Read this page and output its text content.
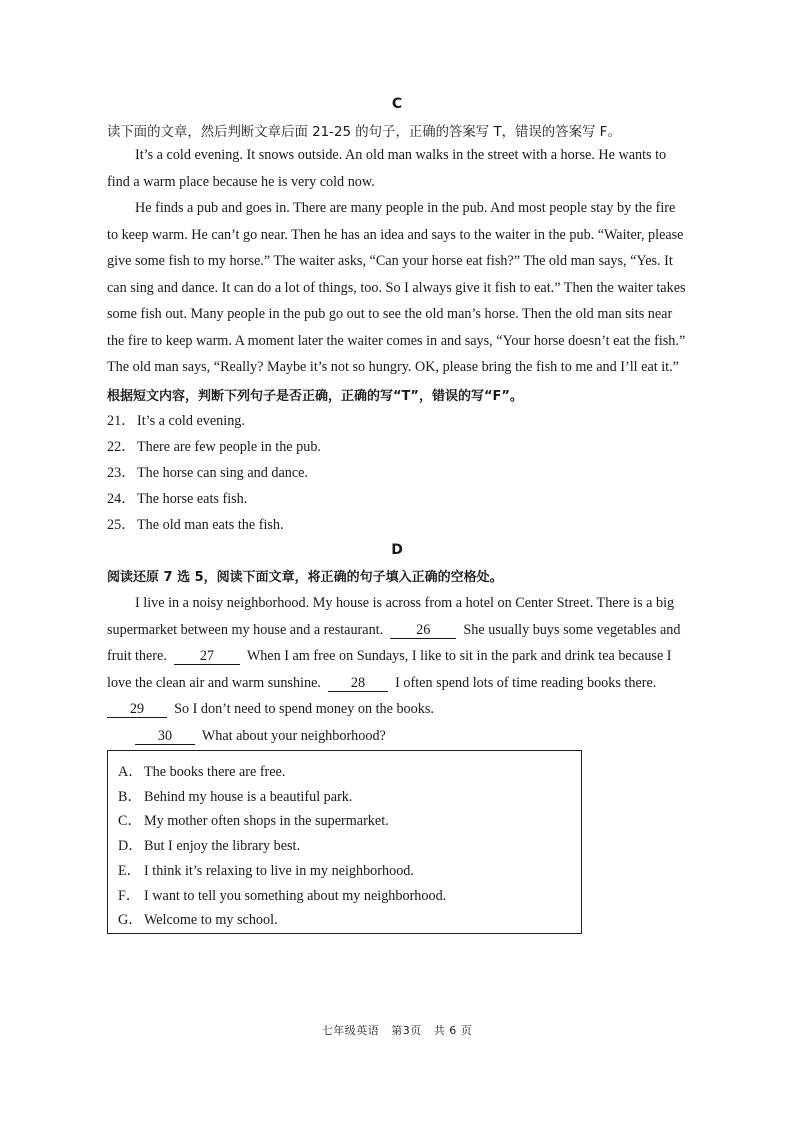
C
读下面的文章，然后判断文章后面 21-25 的句子，正确的答案写 T，错误的答案写 F。
It’s a cold evening. It snows outside. An old man walks in the street with a horse. He wants to
find a warm place because he is very cold now.
He finds a pub and goes in. There are many people in the pub. And most people stay by the fire
to keep warm. He can’t go near. Then he has an idea and says to the waiter in the pub. “Waiter, please
give some fish to my horse.” The waiter asks, “Can your horse eat fish?” The old man says, “Yes. It
can sing and dance. It can do a lot of things, too. So I always give it fish to eat.” Then the waiter takes
some fish out. Many people in the pub go out to see the old man’s horse. Then the old man sits near
the fire to keep warm. A moment later the waiter comes in and says, “Your horse doesn’t eat the fish.”
The old man says, “Really? Maybe it’s not so hungry. OK, please bring the fish to me and I’ll eat it.”
根据短文内容，判断下列句子是否正确，正确的写“T”，错误的写“F”。
21． It’s a cold evening.
22． There are few people in the pub.
23． The horse can sing and dance.
24． The horse eats fish.
25． The old man eats the fish.
D
阅读还原 7 选 5，阅读下面文章，将正确的句子填入正确的空格处。
I live in a noisy neighborhood. My house is across from a hotel on Center Street. There is a big
supermarket between my house and a restaurant. 26 She usually buys some vegetables and
fruit there. 27 When I am free on Sundays, I like to sit in the park and drink tea because I
love the clean air and warm sunshine. 28 I often spend lots of time reading books there.
29 So I don’t need to spend money on the books.
30 What about your neighborhood?
A． The books there are free.
B． Behind my house is a beautiful park.
C． My mother often shops in the supermarket.
D． But I enjoy the library best.
E． I think it’s relaxing to live in my neighborhood.
F． I want to tell you something about my neighborhood.
G． Welcome to my school.
七年级英语 第3页 共 6 页
